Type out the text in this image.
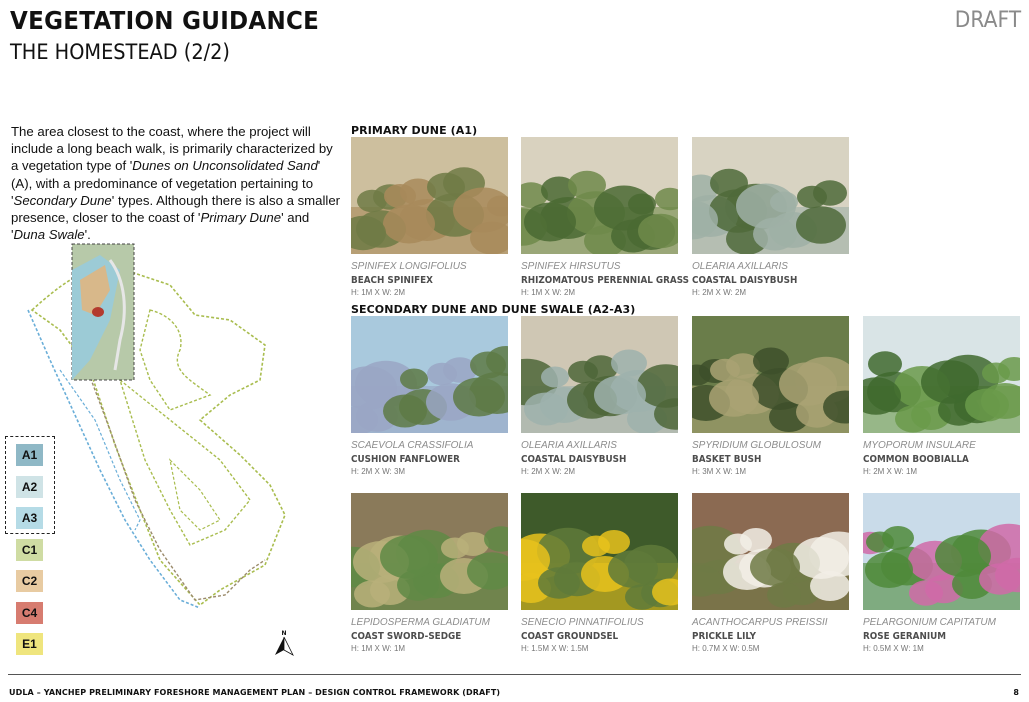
VEGETATION GUIDANCE
THE HOMESTEAD (2/2)
DRAFT
The area closest to the coast, where the project will include a long beach walk, is primarily characterized by a vegetation type of 'Dunes on Unconsolidated Sand' (A), with a predominance of vegetation pertaining to 'Secondary Dune' types. Although there is also a smaller presence, closer to the coast of 'Primary Dune' and 'Duna Swale'.
A1
A2
A3
C1
C2
C4
E1
N
PRIMARY DUNE (A1)
SECONDARY DUNE AND DUNE SWALE (A2-A3)
SPINIFEX LONGIFOLIUS
BEACH SPINIFEX
H: 1M X W: 2M
SPINIFEX HIRSUTUS
RHIZOMATOUS PERENNIAL GRASS
H: 1M X W: 2M
OLEARIA AXILLARIS
COASTAL DAISYBUSH
H: 2M X W: 2M
SCAEVOLA CRASSIFOLIA
CUSHION FANFLOWER
H: 2M X W: 3M
OLEARIA AXILLARIS
COASTAL DAISYBUSH
H: 2M X W: 2M
SPYRIDIUM GLOBULOSUM
BASKET BUSH
H: 3M X W: 1M
MYOPORUM INSULARE
COMMON BOOBIALLA
H: 2M X W: 1M
LEPIDOSPERMA GLADIATUM
COAST SWORD-SEDGE
H: 1M X W: 1M
SENECIO PINNATIFOLIUS
COAST GROUNDSEL
H: 1.5M X W: 1.5M
ACANTHOCARPUS PREISSII
PRICKLE LILY
H: 0.7M X W: 0.5M
PELARGONIUM CAPITATUM
ROSE GERANIUM
H: 0.5M X W: 1M
UDLA – YANCHEP PRELIMINARY FORESHORE MANAGEMENT PLAN – DESIGN CONTROL FRAMEWORK (DRAFT)	8
